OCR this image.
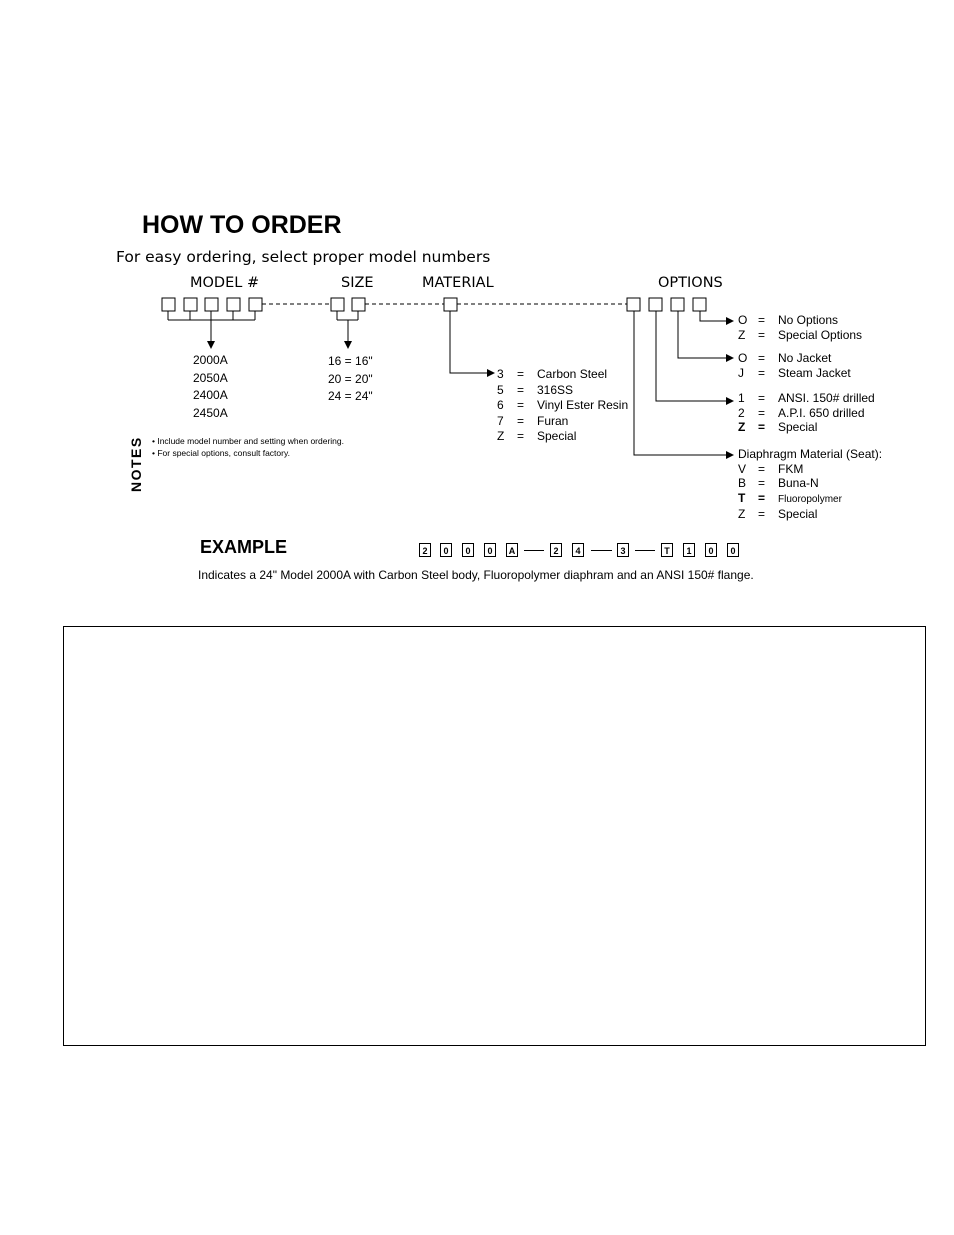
HOW TO ORDER
For easy ordering, select proper model numbers
MODEL #	SIZE	MATERIAL	OPTIONS
2000A
2050A
2400A
2450A
16 = 16"
20 = 20"
24 = 24"
3 = Carbon Steel
5 = 316SS
6 = Vinyl Ester Resin
7 = Furan
Z = Special
O = No Options
Z = Special Options
O = No Jacket
J = Steam Jacket
1 = ANSI. 150# drilled
2 = A.P.I. 650 drilled
Z = Special
Diaphragm Material (Seat):
V = FKM
B = Buna-N
T = Fluoropolymer
Z = Special
NOTES • Include model number and setting when ordering.
• For special options, consult factory.
EXAMPLE	2	0	0	0	A	2	4	3	T	1	0	0
Indicates a 24" Model 2000A with Carbon Steel body, Fluoropolymer diaphram and an ANSI 150# flange.
